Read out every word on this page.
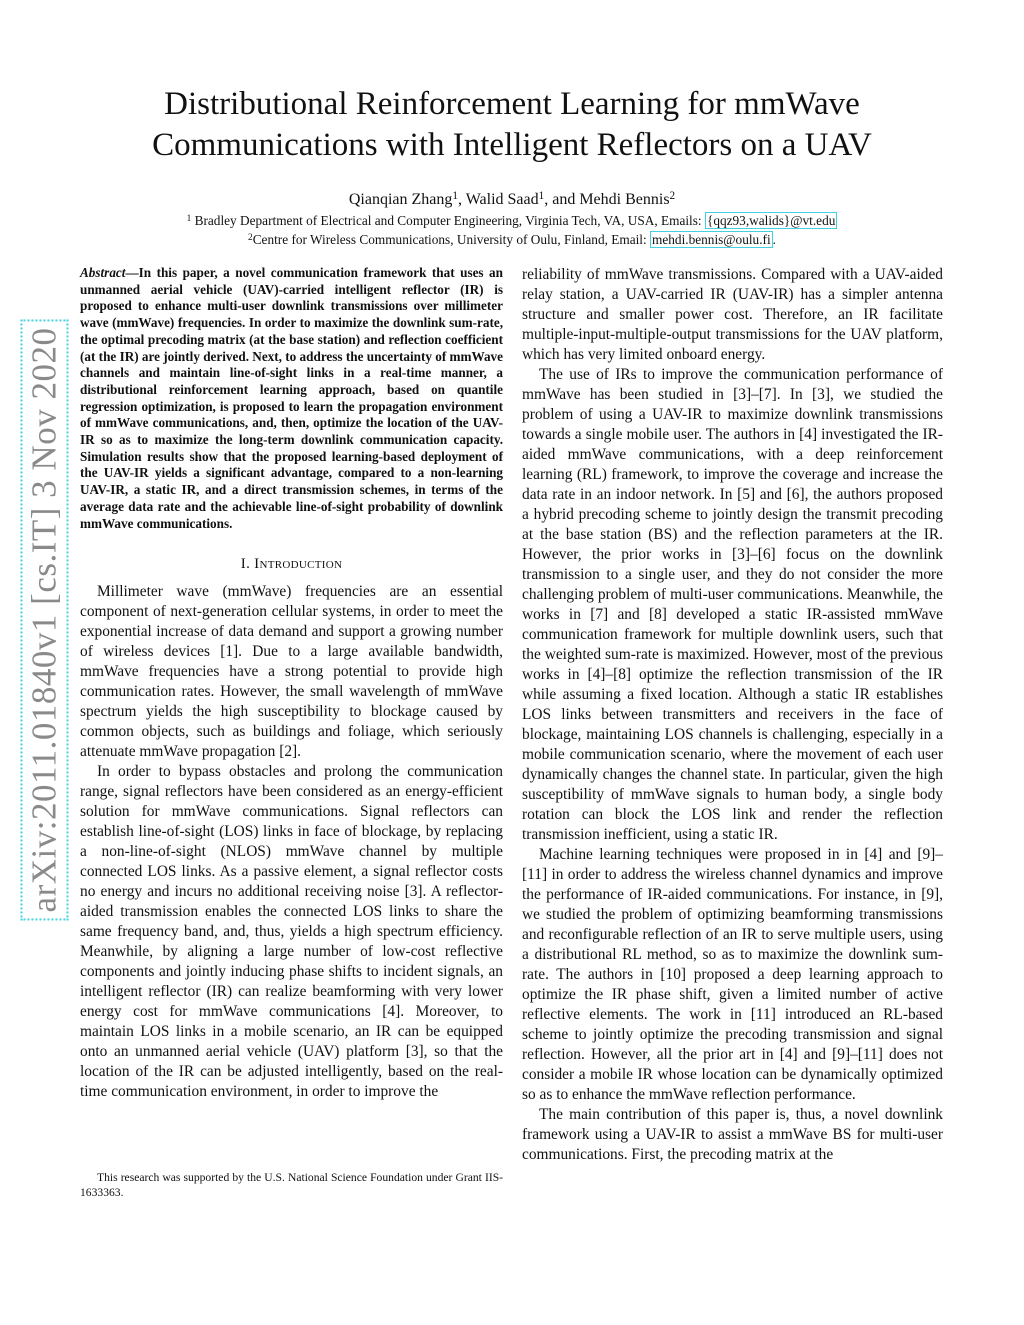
arXiv:2011.01840v1 [cs.IT] 3 Nov 2020
Distributional Reinforcement Learning for mmWave Communications with Intelligent Reflectors on a UAV
Qianqian Zhang$^1$, Walid Saad$^1$, and Mehdi Bennis$^2$
$^1$ Bradley Department of Electrical and Computer Engineering, Virginia Tech, VA, USA, Emails: {qqz93,walids}@vt.edu
$^2$Centre for Wireless Communications, University of Oulu, Finland, Email: mehdi.bennis@oulu.fi .

Abstract—In this paper, a novel communication framework that uses an unmanned aerial vehicle (UAV)-carried intelligent reflector (IR) is proposed to enhance multi-user downlink transmissions over millimeter wave (mmWave) frequencies. In order to maximize the downlink sum-rate, the optimal precoding matrix (at the base station) and reflection coefficient (at the IR) are jointly derived. Next, to address the uncertainty of mmWave channels and maintain line-of-sight links in a real-time manner, a distributional reinforcement learning approach, based on quantile regression optimization, is proposed to learn the propagation environment of mmWave communications, and, then, optimize the location of the UAV-IR so as to maximize the long-term downlink communication capacity. Simulation results show that the proposed learning-based deployment of the UAV-IR yields a significant advantage, compared to a non-learning UAV-IR, a static IR, and a direct transmission schemes, in terms of the average data rate and the achievable line-of-sight probability of downlink mmWave communications.

I. Introduction

Millimeter wave (mmWave) frequencies are an essential component of next-generation cellular systems, in order to meet the exponential increase of data demand and support a growing number of wireless devices [1]. Due to a large available bandwidth, mmWave frequencies have a strong potential to provide high communication rates. However, the small wavelength of mmWave spectrum yields the high susceptibility to blockage caused by common objects, such as buildings and foliage, which seriously attenuate mmWave propagation [2].

In order to bypass obstacles and prolong the communication range, signal reflectors have been considered as an energy-efficient solution for mmWave communications. Signal reflectors can establish line-of-sight (LOS) links in face of blockage, by replacing a non-line-of-sight (NLOS) mmWave channel by multiple connected LOS links. As a passive element, a signal reflector costs no energy and incurs no additional receiving noise [3]. A reflector-aided transmission enables the connected LOS links to share the same frequency band, and, thus, yields a high spectrum efficiency. Meanwhile, by aligning a large number of low-cost reflective components and jointly inducing phase shifts to incident signals, an intelligent reflector (IR) can realize beamforming with very lower energy cost for mmWave communications [4]. Moreover, to maintain LOS links in a mobile scenario, an IR can be equipped onto an unmanned aerial vehicle (UAV) platform [3], so that the location of the IR can be adjusted intelligently, based on the real-time communication environment, in order to improve the

reliability of mmWave transmissions. Compared with a UAV-aided relay station, a UAV-carried IR (UAV-IR) has a simpler antenna structure and smaller power cost. Therefore, an IR facilitate multiple-input-multiple-output transmissions for the UAV platform, which has very limited onboard energy.

The use of IRs to improve the communication performance of mmWave has been studied in [3]–[7]. In [3], we studied the problem of using a UAV-IR to maximize downlink transmissions towards a single mobile user. The authors in [4] investigated the IR-aided mmWave communications, with a deep reinforcement learning (RL) framework, to improve the coverage and increase the data rate in an indoor network. In [5] and [6], the authors proposed a hybrid precoding scheme to jointly design the transmit precoding at the base station (BS) and the reflection parameters at the IR. However, the prior works in [3]–[6] focus on the downlink transmission to a single user, and they do not consider the more challenging problem of multi-user communications. Meanwhile, the works in [7] and [8] developed a static IR-assisted mmWave communication framework for multiple downlink users, such that the weighted sum-rate is maximized. However, most of the previous works in [4]–[8] optimize the reflection transmission of the IR while assuming a fixed location. Although a static IR establishes LOS links between transmitters and receivers in the face of blockage, maintaining LOS channels is challenging, especially in a mobile communication scenario, where the movement of each user dynamically changes the channel state. In particular, given the high susceptibility of mmWave signals to human body, a single body rotation can block the LOS link and render the reflection transmission inefficient, using a static IR.

Machine learning techniques were proposed in in [4] and [9]–[11] in order to address the wireless channel dynamics and improve the performance of IR-aided communications. For instance, in [9], we studied the problem of optimizing beamforming transmissions and reconfigurable reflection of an IR to serve multiple users, using a distributional RL method, so as to maximize the downlink sum-rate. The authors in [10] proposed a deep learning approach to optimize the IR phase shift, given a limited number of active reflective elements. The work in [11] introduced an RL-based scheme to jointly optimize the precoding transmission and signal reflection. However, all the prior art in [4] and [9]–[11] does not consider a mobile IR whose location can be dynamically optimized so as to enhance the mmWave reflection performance.

The main contribution of this paper is, thus, a novel downlink framework using a UAV-IR to assist a mmWave BS for multi-user communications. First, the precoding matrix at the

This research was supported by the U.S. National Science Foundation under Grant IIS-1633363.
